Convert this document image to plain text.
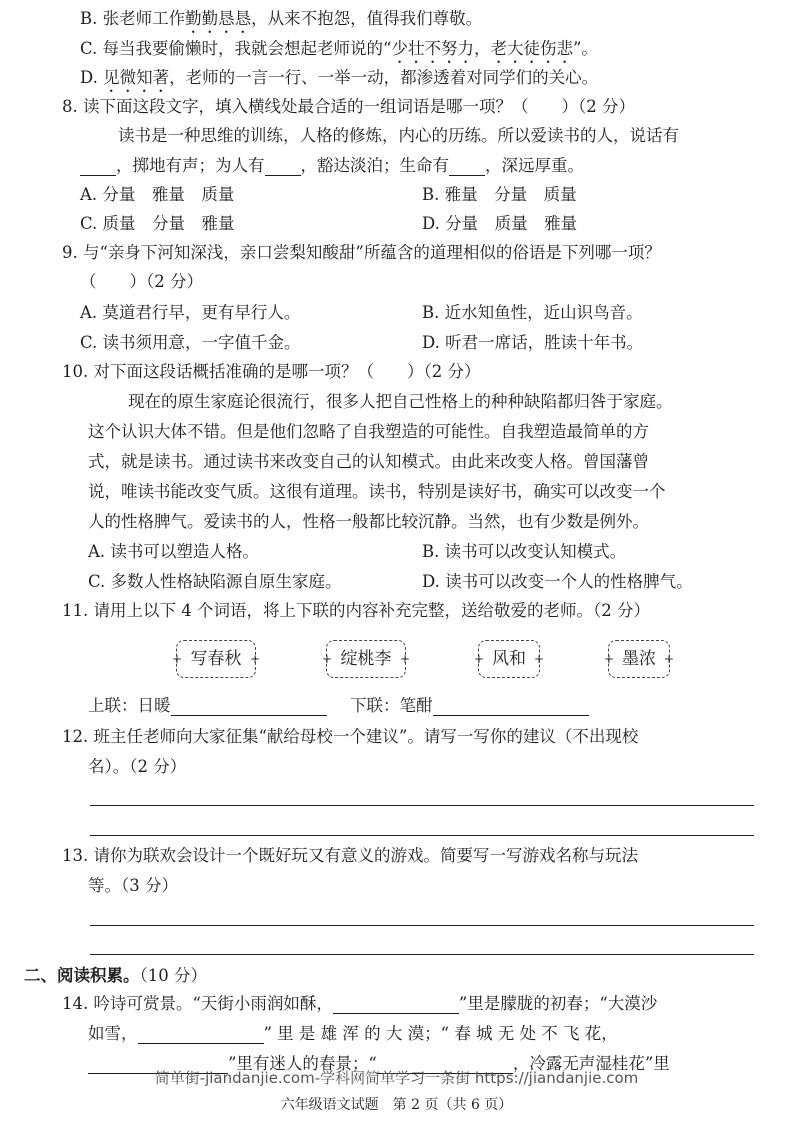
B. 张老师工作勤勤恳恳，从来不抱怨，值得我们尊敬。
C. 每当我要偷懒时，我就会想起老师说的“少壮不努力，老大徒伤悲”。
D. 见微知著，老师的一言一行、一举一动，都渗透着对同学们的关心。
8. 读下面这段文字，填入横线处最合适的一组词语是哪一项？（　　）（2 分）
读书是一种思维的训练，人格的修炼，内心的历练。所以爱读书的人，说话有
，掷地有声；为人有 ，豁达淡泊；生命有 ，深远厚重。
A. 分量　雅量　质量	B. 雅量　分量　质量
C. 质量　分量　雅量	D. 分量　质量　雅量
9. 与“亲身下河知深浅，亲口尝梨知酸甜”所蕴含的道理相似的俗语是下列哪一项？
（　　）（2 分）
A. 莫道君行早，更有早行人。	B. 近水知鱼性，近山识鸟音。
C. 读书须用意，一字值千金。	D. 听君一席话，胜读十年书。
10. 对下面这段话概括准确的是哪一项？（　　）（2 分）
现在的原生家庭论很流行，很多人把自己性格上的种种缺陷都归咎于家庭。
这个认识大体不错。但是他们忽略了自我塑造的可能性。自我塑造最简单的方
式，就是读书。通过读书来改变自己的认知模式。由此来改变人格。曾国藩曾
说，唯读书能改变气质。这很有道理。读书，特别是读好书，确实可以改变一个
人的性格脾气。爱读书的人，性格一般都比较沉静。当然，也有少数是例外。
A. 读书可以塑造人格。	B. 读书可以改变认知模式。
C. 多数人性格缺陷源自原生家庭。	D. 读书可以改变一个人的性格脾气。
11. 请用上以下 4 个词语，将上下联的内容补充完整，送给敬爱的老师。（2 分）
+ 写春秋 +	+ 绽桃李 +	+ 风和 +	+ 墨浓 +
上联：日暖	下联：笔酣
12. 班主任老师向大家征集“献给母校一个建议”。请写一写你的建议（不出现校
名）。（2 分）
13. 请你为联欢会设计一个既好玩又有意义的游戏。简要写一写游戏名称与玩法
等。（3 分）
二、阅读积累。（10 分）
14. 吟诗可赏景。“天街小雨润如酥，	”里是朦胧的初春；“大漠沙
如雪，	” 里 是 雄 浑 的 大 漠；“ 春 城 无 处 不 飞 花，
”里有迷人的春景；“	，冷露无声湿桂花”里
简单街-jiandanjie.com-学科网简单学习一条街 https://jiandanjie.com
六年级语文试题　第 2 页（共 6 页）
